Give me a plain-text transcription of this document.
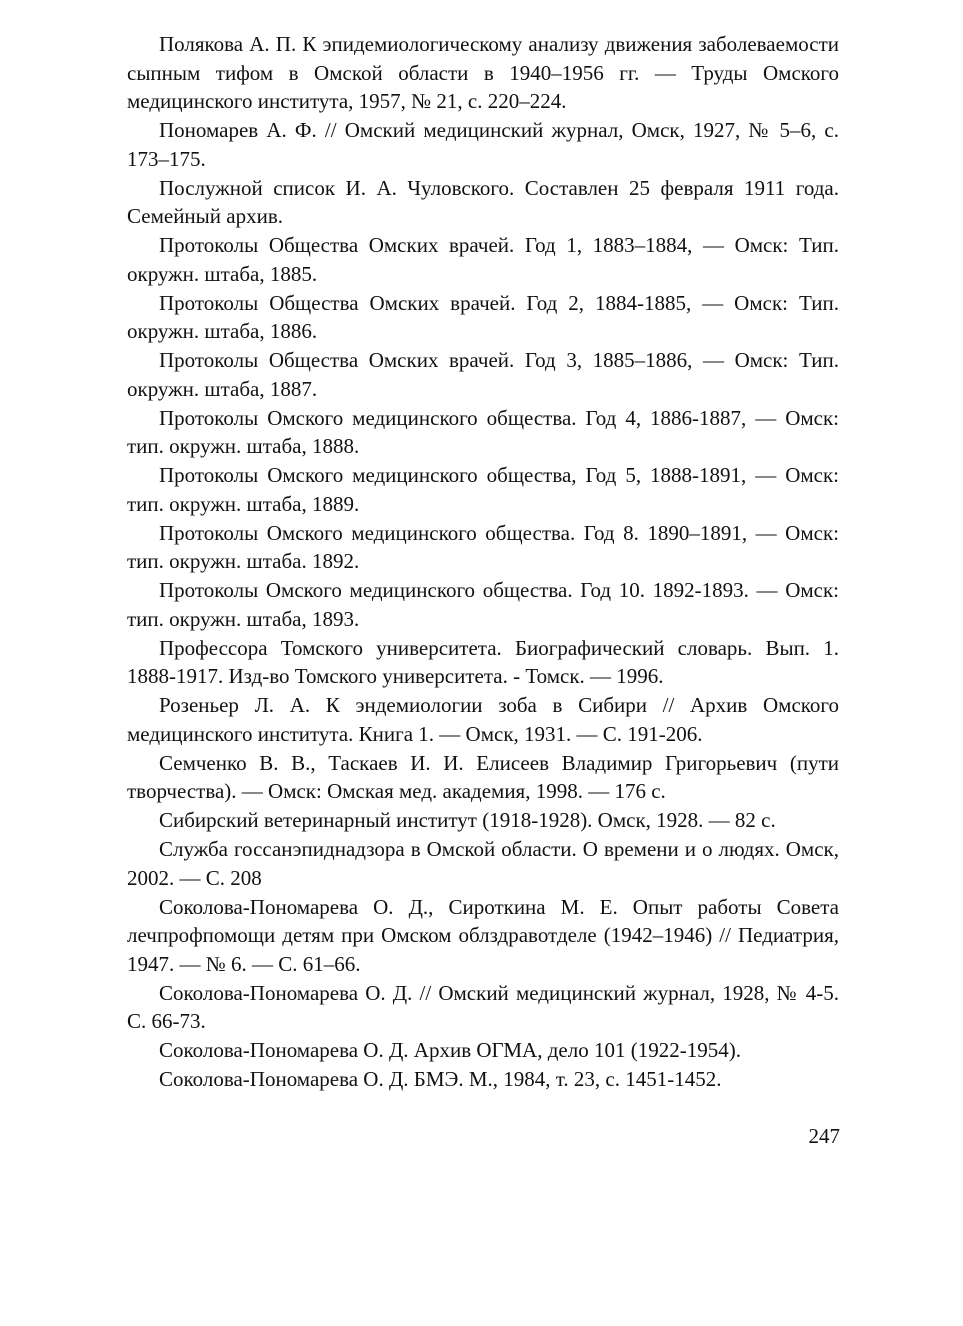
Полякова А. П. К эпидемиологическому анализу движения заболеваемости сыпным тифом в Омской области в 1940–1956 гг. — Труды Омского медицинского института, 1957, № 21, с. 220–224.
Пономарев А. Ф. // Омский медицинский журнал, Омск, 1927, № 5–6, с. 173–175.
Послужной список И. А. Чуловского. Составлен 25 февраля 1911 года. Семейный архив.
Протоколы Общества Омских врачей. Год 1, 1883–1884, — Омск: Тип. окружн. штаба, 1885.
Протоколы Общества Омских врачей. Год 2, 1884-1885, — Омск: Тип. окружн. штаба, 1886.
Протоколы Общества Омских врачей. Год 3, 1885–1886, — Омск: Тип. окружн. штаба, 1887.
Протоколы Омского медицинского общества. Год 4, 1886-1887, — Омск: тип. окружн. штаба, 1888.
Протоколы Омского медицинского общества, Год 5, 1888-1891, — Омск: тип. окружн. штаба, 1889.
Протоколы Омского медицинского общества. Год 8. 1890–1891, — Омск: тип. окружн. штаба. 1892.
Протоколы Омского медицинского общества. Год 10. 1892-1893. — Омск: тип. окружн. штаба, 1893.
Профессора Томского университета. Биографический словарь. Вып. 1. 1888-1917. Изд-во Томского университета. - Томск. — 1996.
Розеньер Л. А. К эндемиологии зоба в Сибири // Архив Омского медицинского института. Книга 1. — Омск, 1931. — С. 191-206.
Семченко В. В., Таскаев И. И. Елисеев Владимир Григорьевич (пути творчества). — Омск: Омская мед. академия, 1998. — 176 с.
Сибирский ветеринарный институт (1918-1928). Омск, 1928. — 82 с.
Служба госсанэпиднадзора в Омской области. О времени и о людях. Омск, 2002. — С. 208
Соколова-Пономарева О. Д., Сироткина М. Е. Опыт работы Совета лечпрофпомощи детям при Омском облздравотделе (1942–1946) // Педиатрия, 1947. — № 6. — С. 61–66.
Соколова-Пономарева О. Д. // Омский медицинский журнал, 1928, № 4-5. С. 66-73.
Соколова-Пономарева О. Д. Архив ОГМА, дело 101 (1922-1954).
Соколова-Пономарева О. Д. БМЭ. М., 1984, т. 23, с. 1451-1452.
247
